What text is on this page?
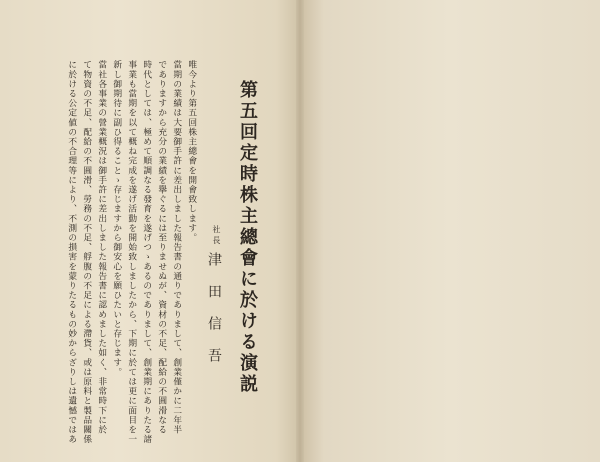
第五回定時株主總會に於ける演説
社長
津田信吾
唯今より第五回株主總會を開會致します。
當期の業績は大要御手許に差出しました報告書の通りでありまして、創業僅かに二年半
でありますから充分の業績を擧ぐるには至りませぬが、資材の不足、配給の不圓滑なる
時代としては、極めて順調なる發育を遂げつゝあるのでありまして、創業期にありたる諸
事業も當期を以て概ね完成を遂げ活動を開始致しましたから、下期に於ては更に面目を一
新し御期待に副ひ得ることゝ存じますから御安心を願ひたいと存じます。
當社各事業の營業概況は御手許に差出しました報告書に認めました如く、非常時下に於
て物資の不足、配給の不圓滑、勞務の不足、艀腹の不足による滯貨、或は原料と製品關係
に於ける公定値の不合理等により、不測の損害を蒙りたるもの妙からざりしは遺憾ではあ
